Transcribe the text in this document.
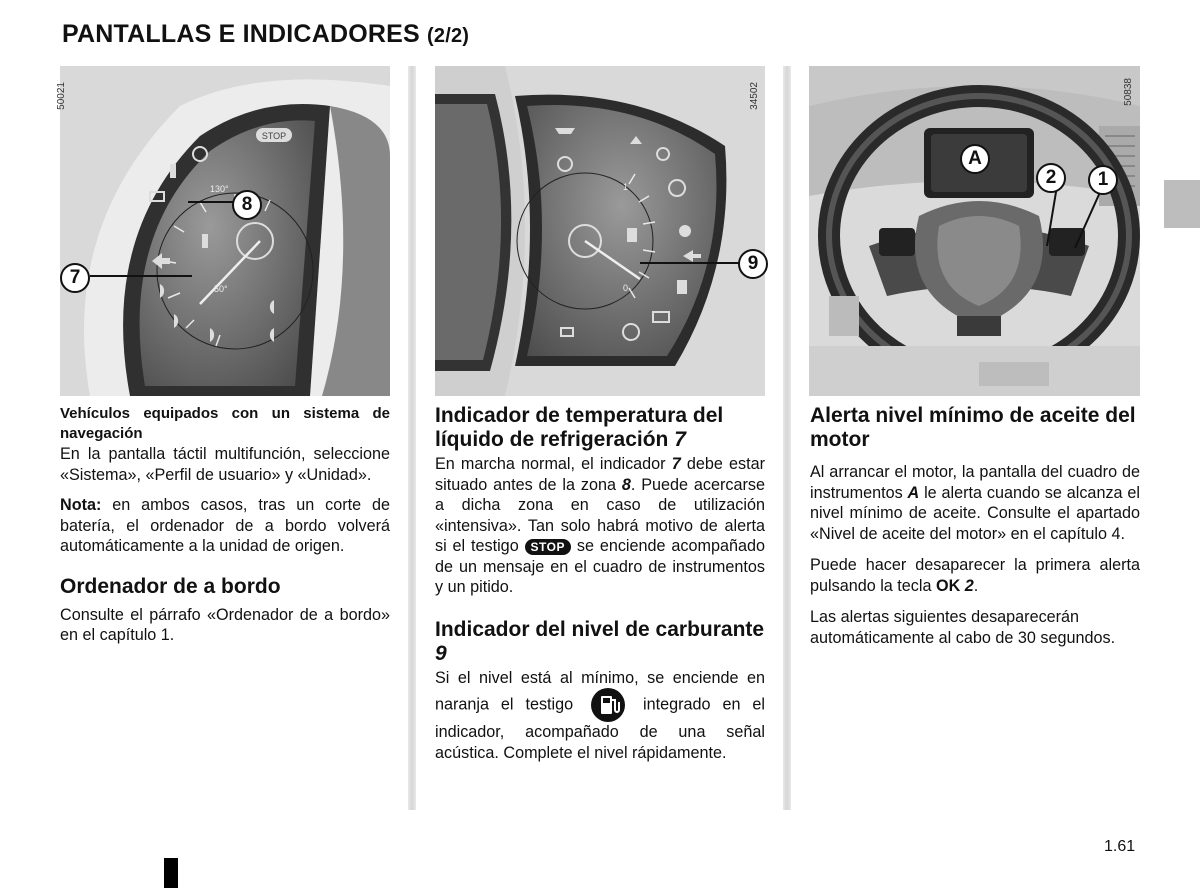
PANTALLAS E INDICADORES (2/2)
130°
50°
STOP
50021
8
7
1
0
34502
9
50838
A
2	1

Vehículos equipados con un sistema de navegación
En la pantalla táctil multifunción, seleccione «Sistema», «Perfil de usuario» y «Unidad».

Nota: en ambos casos, tras un corte de batería, el ordenador de a bordo volverá automáticamente a la unidad de origen.

Ordenador de a bordo

Consulte el párrafo «Ordenador de a bordo» en el capítulo 1.

Indicador de temperatura del líquido de refrigeración 7

En marcha normal, el indicador 7 debe estar situado antes de la zona 8. Puede acercarse a dicha zona en caso de utilización «intensiva». Tan solo habrá motivo de alerta si el testigo STOP se enciende acompañado de un mensaje en el cuadro de instrumentos y un pitido.

Indicador del nivel de carburante 9

Si el nivel está al mínimo, se enciende en naranja el testigo	integrado en el indicador, acompañado de una señal acústica. Complete el nivel rápidamente.

Alerta nivel mínimo de aceite del motor

Al arrancar el motor, la pantalla del cuadro de instrumentos A le alerta cuando se alcanza el nivel mínimo de aceite. Consulte el apartado «Nivel de aceite del motor» en el capítulo 4.

Puede hacer desaparecer la primera alerta pulsando la tecla OK 2.

Las alertas siguientes desaparecerán automáticamente al cabo de 30 segundos.

1.61
